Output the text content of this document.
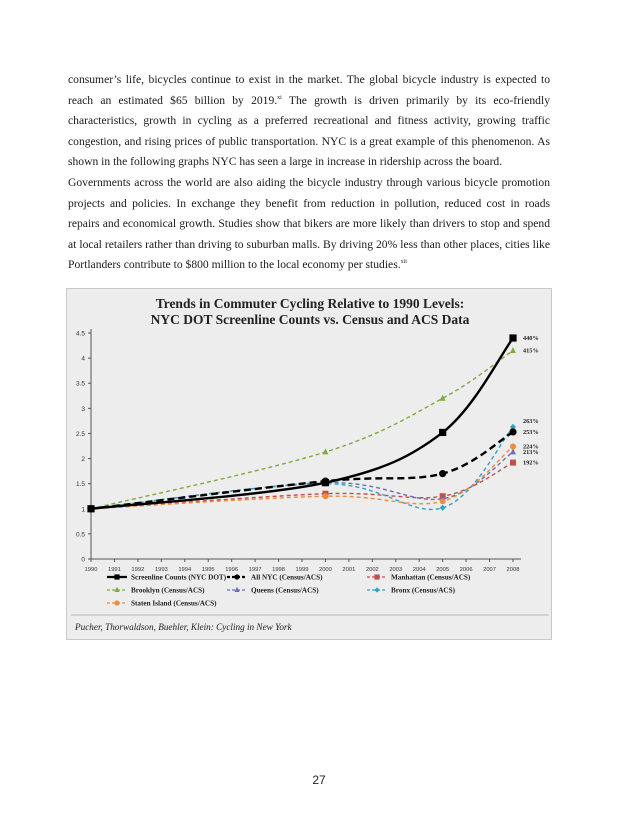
consumer’s life, bicycles continue to exist in the market. The global bicycle industry is expected to reach an estimated $65 billion by 2019.$^{xi}$ The growth is driven primarily by its eco-friendly characteristics, growth in cycling as a preferred recreational and fitness activity, growing traffic congestion, and rising prices of public transportation. NYC is a great example of this phenomenon. As shown in the following graphs NYC has seen a large in increase in ridership across the board.

Governments across the world are also aiding the bicycle industry through various bicycle promotion projects and policies. In exchange they benefit from reduction in pollution, reduced cost in roads repairs and economical growth. Studies show that bikers are more likely than drivers to stop and spend at local retailers rather than driving to suburban malls. By driving 20% less than other places, cities like Portlanders contribute to $800 million to the local economy per studies.$^{xii}$

Trends in Commuter Cycling Relative to 1990 Levels:
NYC DOT Screenline Counts vs. Census and ACS Data
0
0.5
1
1.5
2
2.5
3
3.5
4
4.5
1990 1991 1992 1993 1994 1995 1996 1997 1998 1999 2000 2001 2002 2003 2004 2005 2006 2007 2008
440%
253%
192%
415%
213%
263%
224%
Screenline Counts (NYC DOT)	All NYC (Census/ACS)	Manhattan (Census/ACS)
Brooklyn (Census/ACS)	Queens (Census/ACS)	Bronx (Census/ACS)
Staten Island (Census/ACS)
Pucher, Thorwaldson, Buehler, Klein: Cycling in New York
27
